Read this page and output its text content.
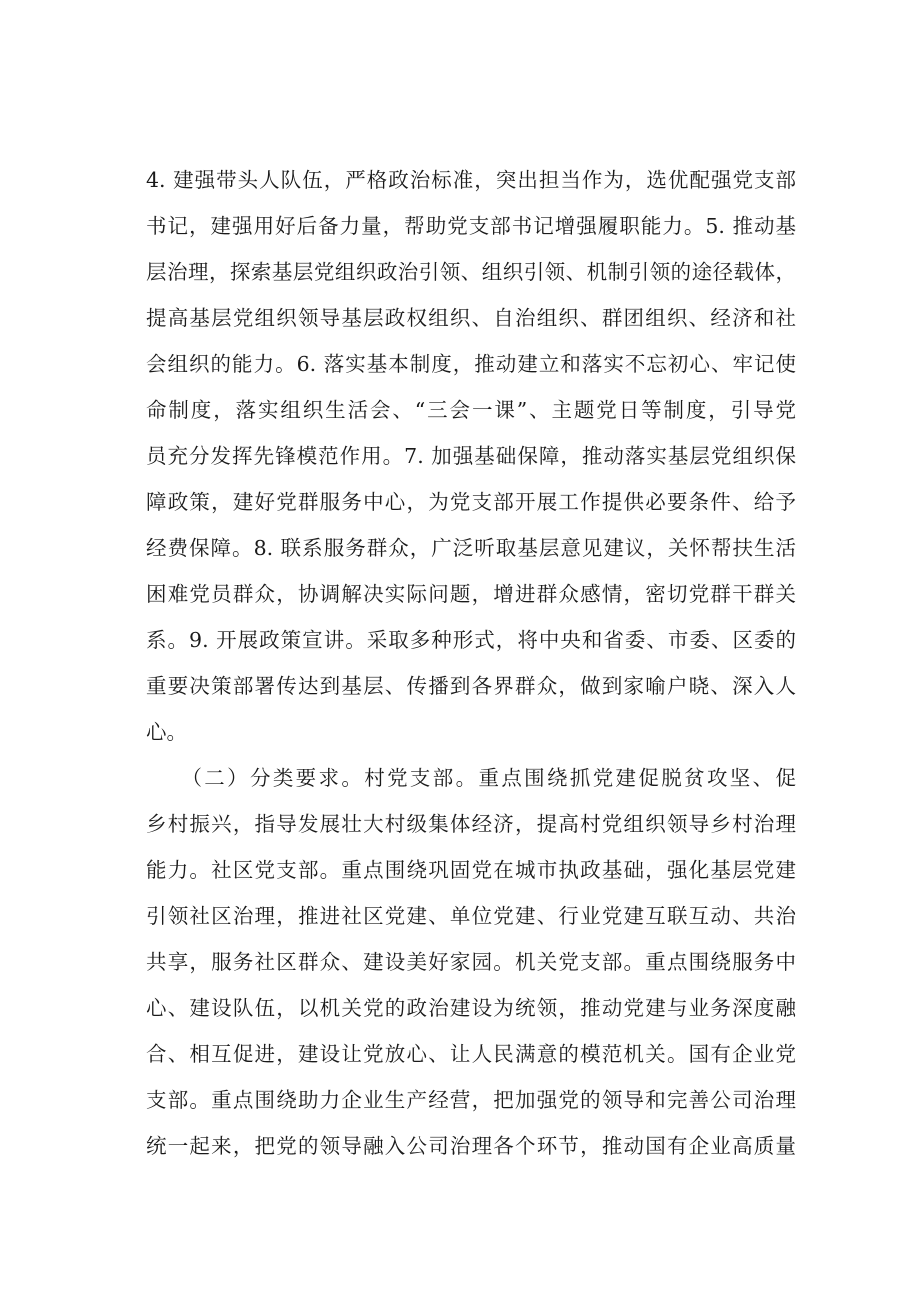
4. 建强带头人队伍，严格政治标准，突出担当作为，选优配强党支部
书记，建强用好后备力量，帮助党支部书记增强履职能力。5. 推动基
层治理，探索基层党组织政治引领、组织引领、机制引领的途径载体，
提高基层党组织领导基层政权组织、自治组织、群团组织、经济和社
会组织的能力。6. 落实基本制度，推动建立和落实不忘初心、牢记使
命制度，落实组织生活会、“三会一课”、主题党日等制度，引导党
员充分发挥先锋模范作用。7. 加强基础保障，推动落实基层党组织保
障政策，建好党群服务中心，为党支部开展工作提供必要条件、给予
经费保障。8. 联系服务群众，广泛听取基层意见建议，关怀帮扶生活
困难党员群众，协调解决实际问题，增进群众感情，密切党群干群关
系。9. 开展政策宣讲。采取多种形式，将中央和省委、市委、区委的
重要决策部署传达到基层、传播到各界群众，做到家喻户晓、深入人
心。
　　（二）分类要求。村党支部。重点围绕抓党建促脱贫攻坚、促
乡村振兴，指导发展壮大村级集体经济，提高村党组织领导乡村治理
能力。社区党支部。重点围绕巩固党在城市执政基础，强化基层党建
引领社区治理，推进社区党建、单位党建、行业党建互联互动、共治
共享，服务社区群众、建设美好家园。机关党支部。重点围绕服务中
心、建设队伍，以机关党的政治建设为统领，推动党建与业务深度融
合、相互促进，建设让党放心、让人民满意的模范机关。国有企业党
支部。重点围绕助力企业生产经营，把加强党的领导和完善公司治理
统一起来，把党的领导融入公司治理各个环节，推动国有企业高质量
